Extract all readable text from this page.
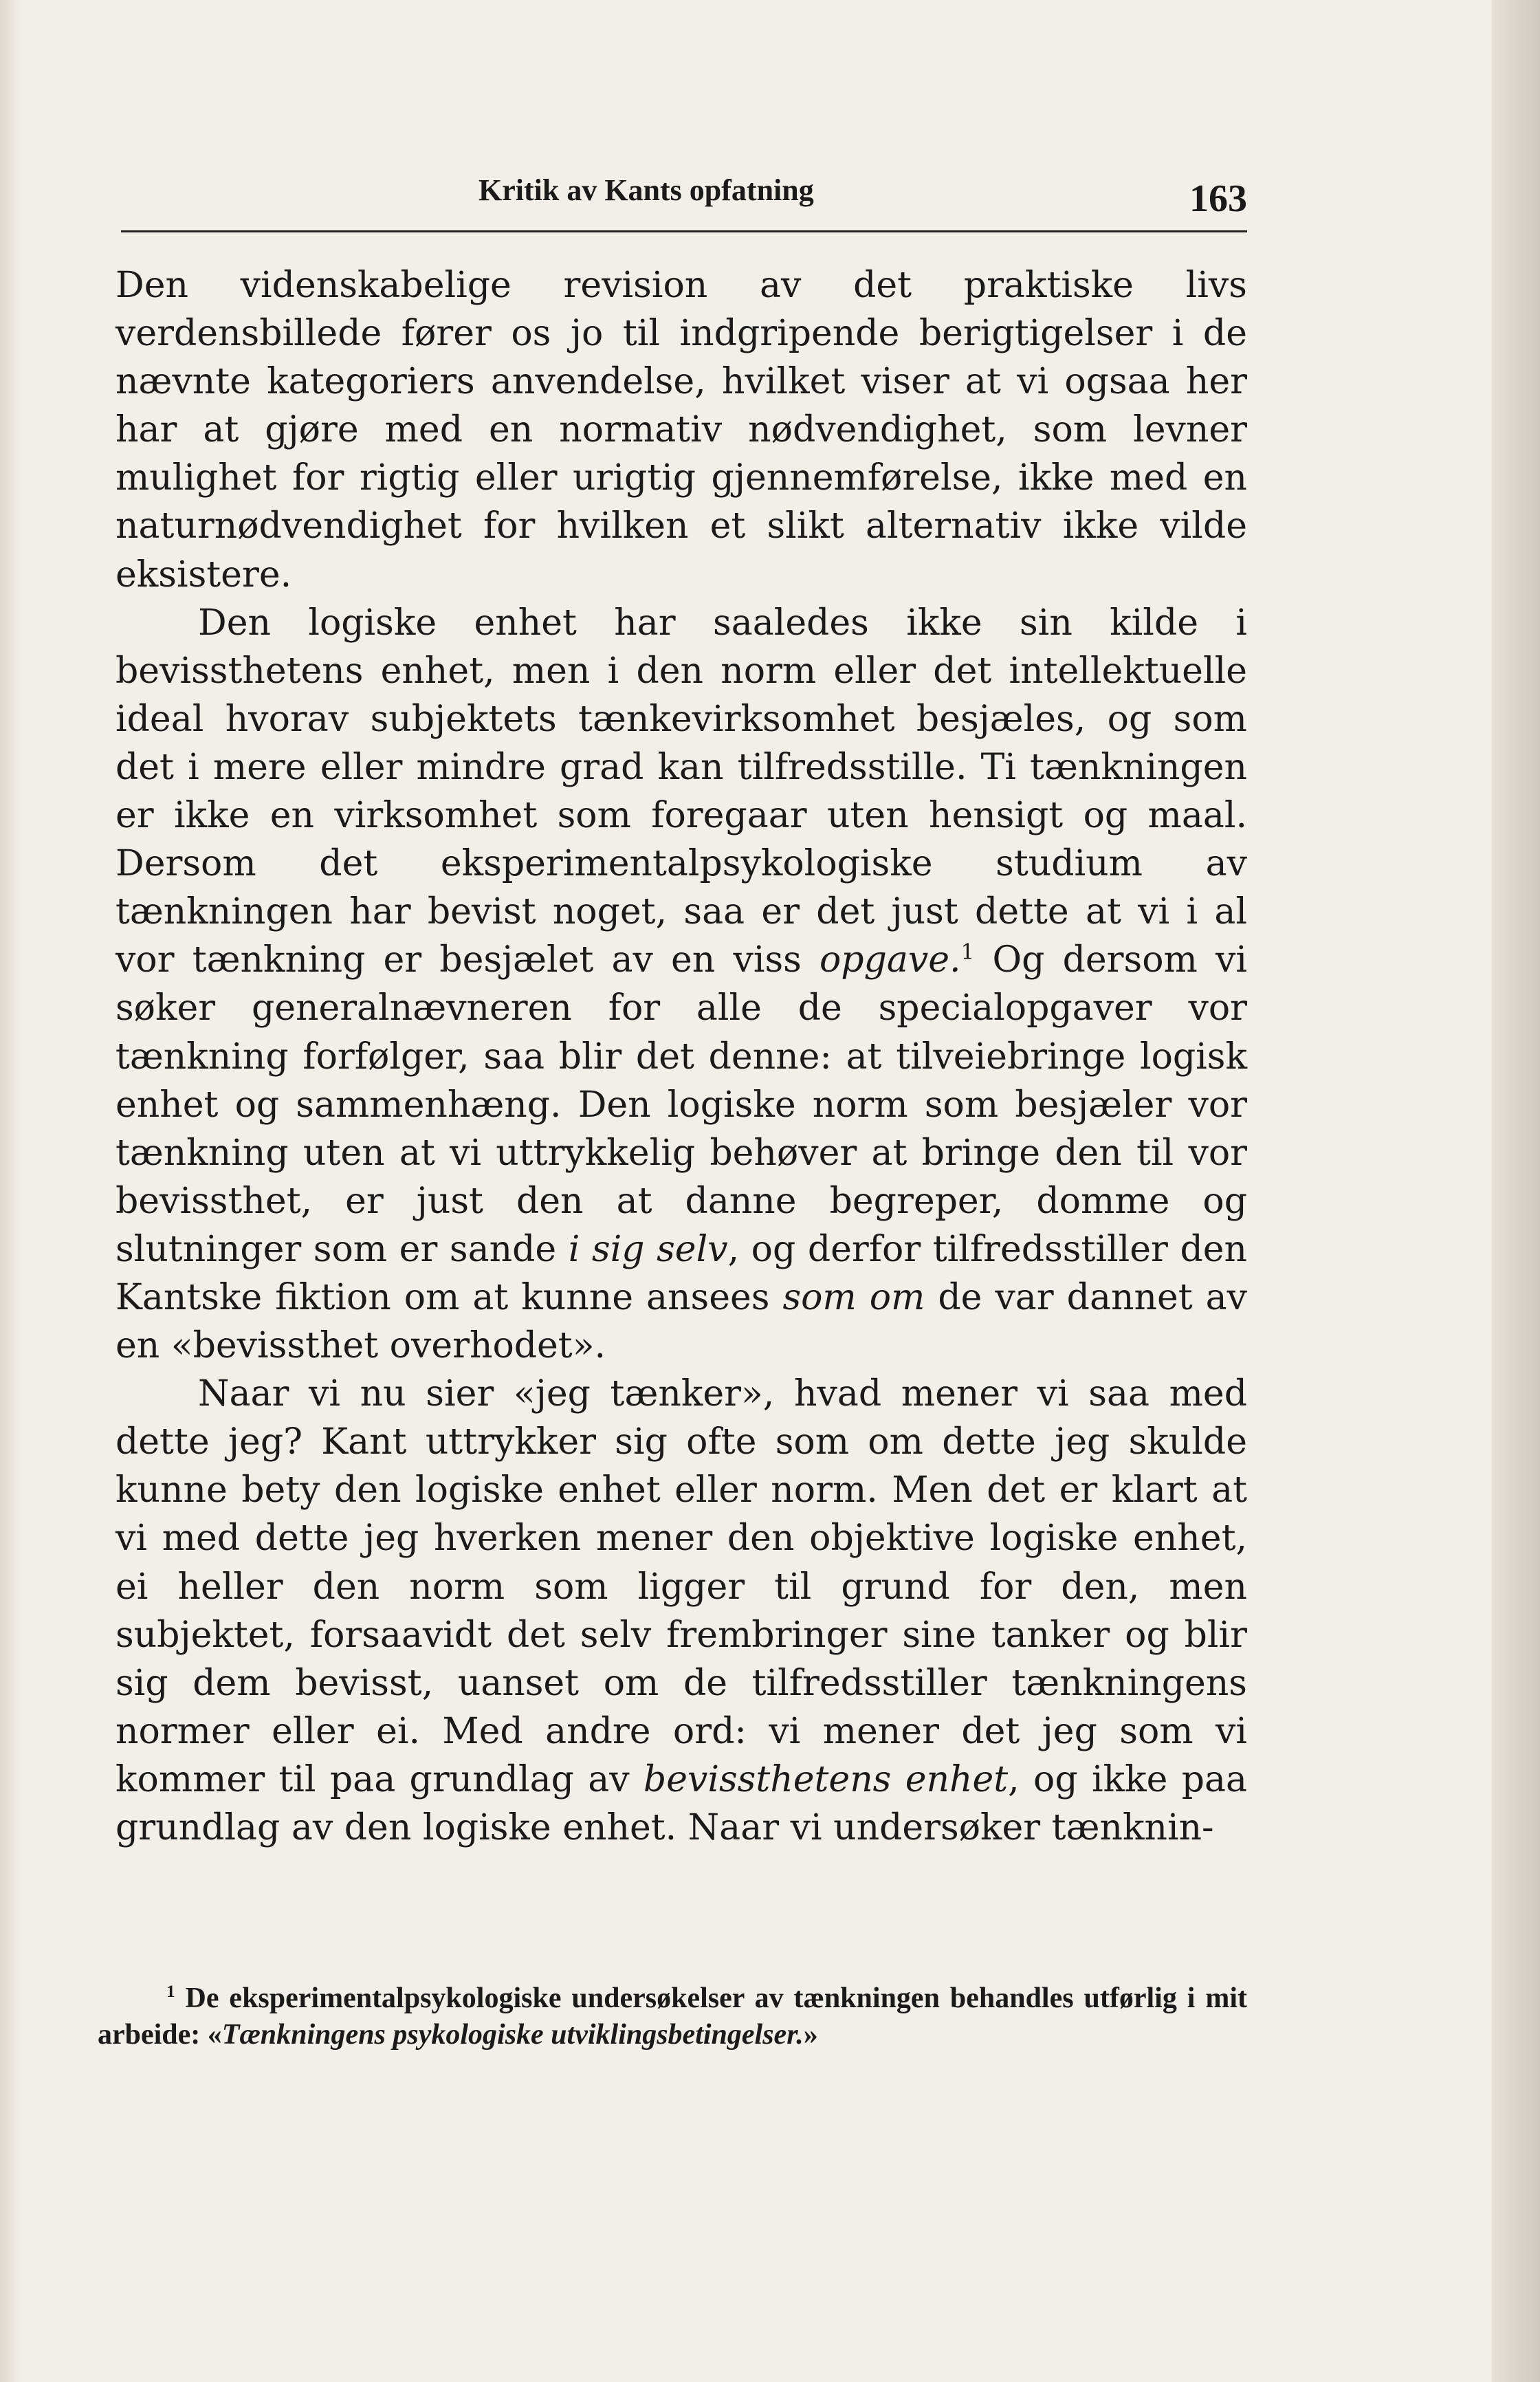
Kritik av Kants opfatning	163

Den videnskabelige revision av det praktiske livs verdensbillede fører os jo til indgripende berigtigelser i de nævnte kategoriers anvendelse, hvilket viser at vi ogsaa her har at gjøre med en normativ nødvendighet, som levner mulighet for rigtig eller urigtig gjennemførelse, ikke med en naturnødvendighet for hvilken et slikt alternativ ikke vilde eksistere.

Den logiske enhet har saaledes ikke sin kilde i bevissthetens enhet, men i den norm eller det intellektuelle ideal hvorav subjektets tænkevirksomhet besjæles, og som det i mere eller mindre grad kan tilfredsstille. Ti tænkningen er ikke en virksomhet som foregaar uten hensigt og maal. Dersom det eksperimentalpsykologiske studium av tænkningen har bevist noget, saa er det just dette at vi i al vor tænkning er besjælet av en viss opgave.$^1$ Og dersom vi søker generalnævneren for alle de specialopgaver vor tænkning forfølger, saa blir det denne: at tilveiebringe logisk enhet og sammenhæng. Den logiske norm som besjæler vor tænkning uten at vi uttrykkelig behøver at bringe den til vor bevissthet, er just den at danne begreper, domme og slutninger som er sande i sig selv, og derfor tilfredsstiller den Kantske fiktion om at kunne ansees som om de var dannet av en «bevissthet overhodet».

Naar vi nu sier «jeg tænker», hvad mener vi saa med dette jeg? Kant uttrykker sig ofte som om dette jeg skulde kunne bety den logiske enhet eller norm. Men det er klart at vi med dette jeg hverken mener den objektive logiske enhet, ei heller den norm som ligger til grund for den, men subjektet, forsaavidt det selv frembringer sine tanker og blir sig dem bevisst, uanset om de tilfredsstiller tænkningens normer eller ei. Med andre ord: vi mener det jeg som vi kommer til paa grundlag av bevissthetens enhet, og ikke paa grundlag av den logiske enhet. Naar vi undersøker tænknin-

$^1$ De eksperimentalpsykologiske undersøkelser av tænkningen behandles utførlig i mit arbeide: «Tænkningens psykologiske utviklingsbetingelser.»
